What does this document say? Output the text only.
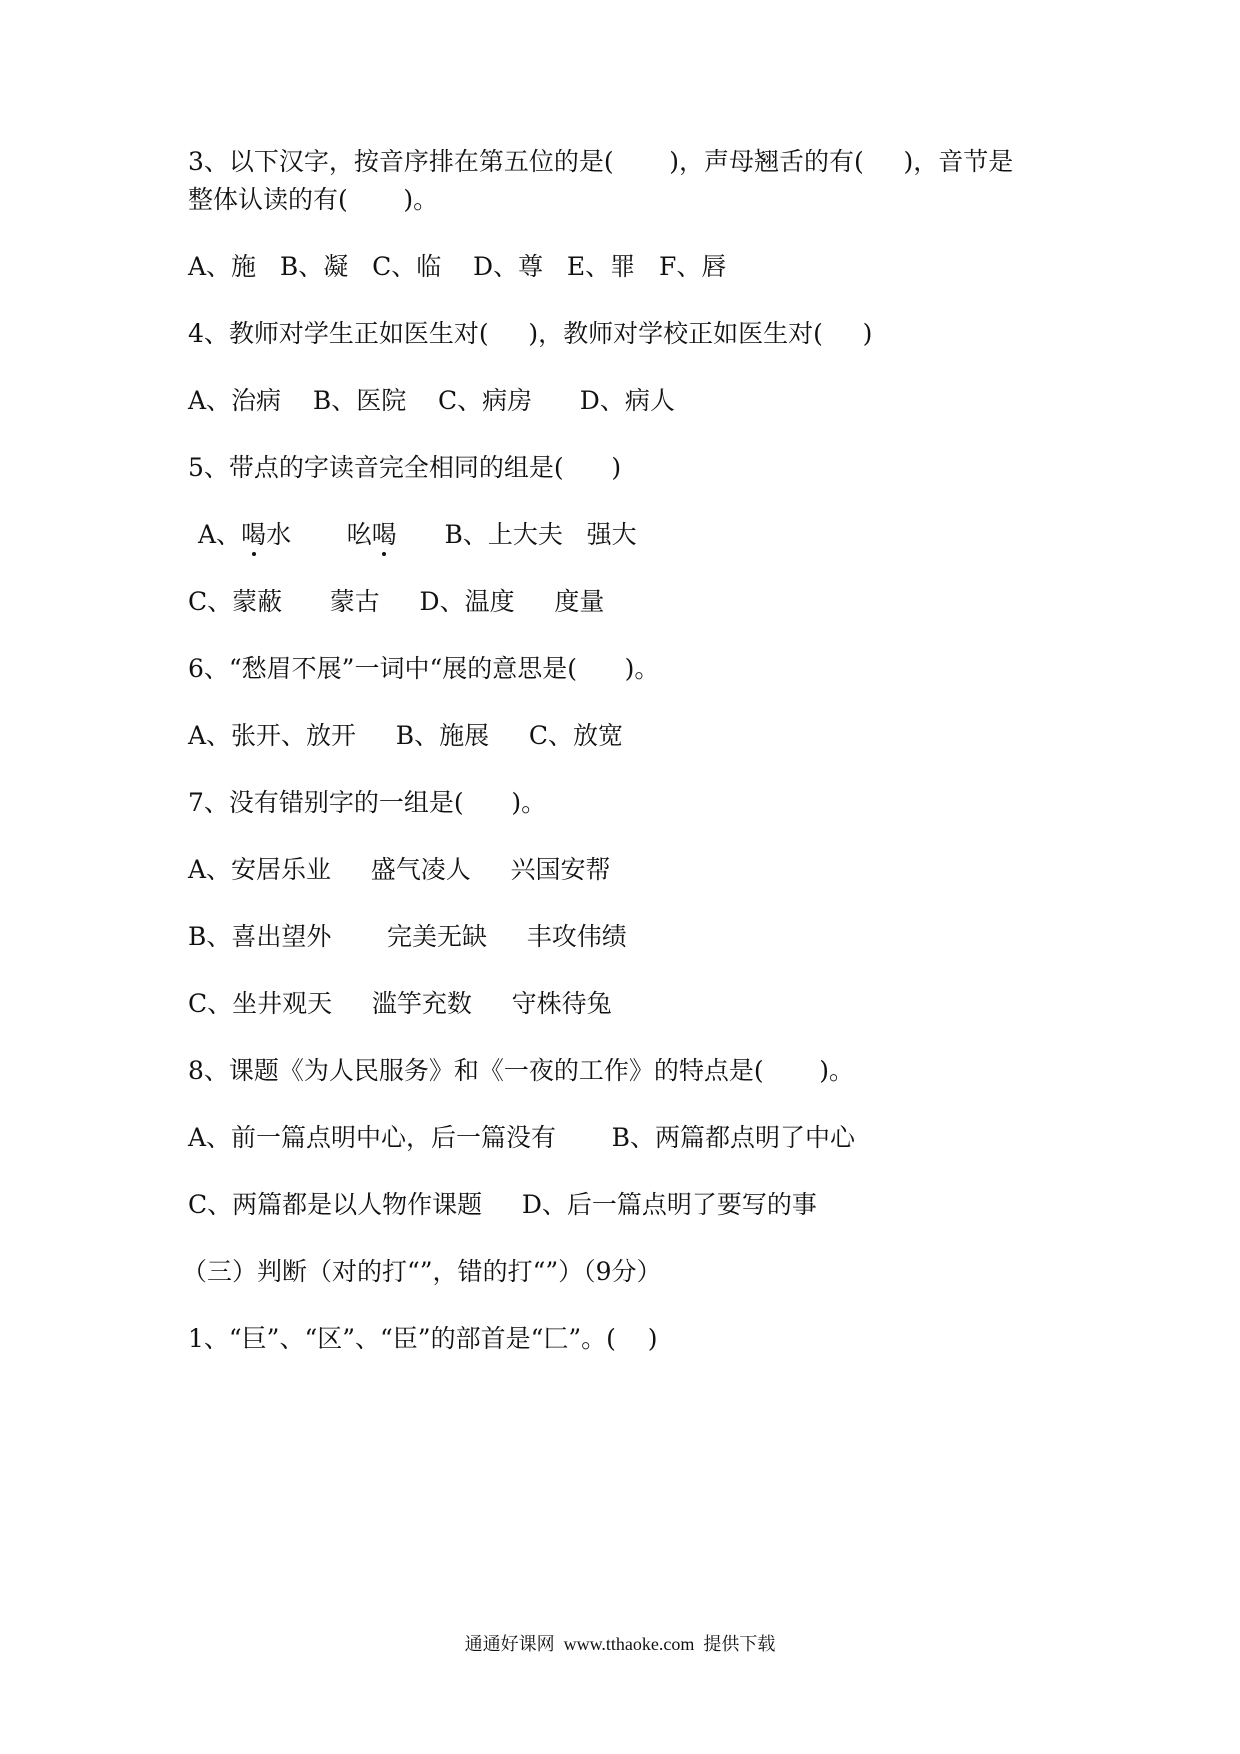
3、以下汉字，按音序排在第五位的是(       )，声母翘舌的有(     )，音节是

整体认读的有(       )。

A、施   B、凝   C、临    D、尊   E、罪   F、唇

4、教师对学生正如医生对(     )，教师对学校正如医生对(     )

A、治病    B、医院    C、病房      D、病人

5、带点的字读音完全相同的组是(      )

A、喝水 吆喝      B、上大夫   强大

C、蒙蔽      蒙古     D、温度     度量

6、“愁眉不展”一词中“展的意思是(      )。

A、张开、放开     B、施展     C、放宽

7、没有错别字的一组是(      )。

A、安居乐业     盛气凌人     兴国安帮

B、喜出望外       完美无缺     丰攻伟绩

C、坐井观天     滥竽充数     守株待兔

8、课题《为人民服务》和《一夜的工作》的特点是(       )。

A、前一篇点明中心，后一篇没有       B、两篇都点明了中心

C、两篇都是以人物作课题     D、后一篇点明了要写的事

（三）判断（对的打“”，错的打“”）（9分）

1、“巨”、“区”、“臣”的部首是“匚”。(    )

通通好课网  www.tthaoke.com  提供下载
